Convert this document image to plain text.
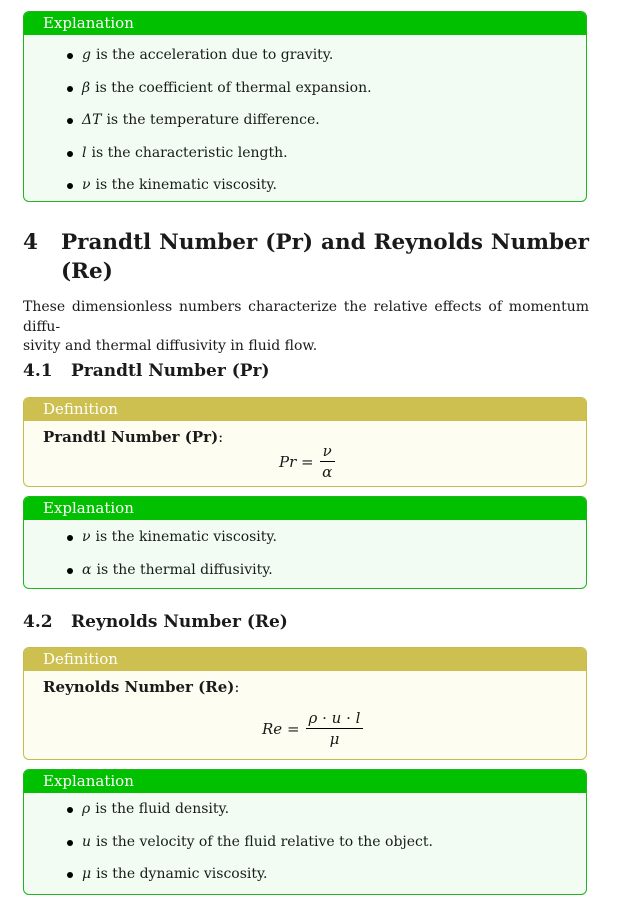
Explanation
g is the acceleration due to gravity.
β is the coefficient of thermal expansion.
ΔT is the temperature difference.
l is the characteristic length.
ν is the kinematic viscosity.
4 Prandtl Number (Pr) and Reynolds Number (Re)
These dimensionless numbers characterize the relative effects of momentum diffu-
sivity and thermal diffusivity in fluid flow.
4.1 Prandtl Number (Pr)
Definition
Prandtl Number (Pr):
$Pr = \frac{\nu}{\alpha}$
Explanation
ν is the kinematic viscosity.
α is the thermal diffusivity.
4.2 Reynolds Number (Re)
Definition
Reynolds Number (Re):
$Re = \frac{\rho \cdot u \cdot l}{\mu}$
Explanation
ρ is the fluid density.
u is the velocity of the fluid relative to the object.
μ is the dynamic viscosity.
